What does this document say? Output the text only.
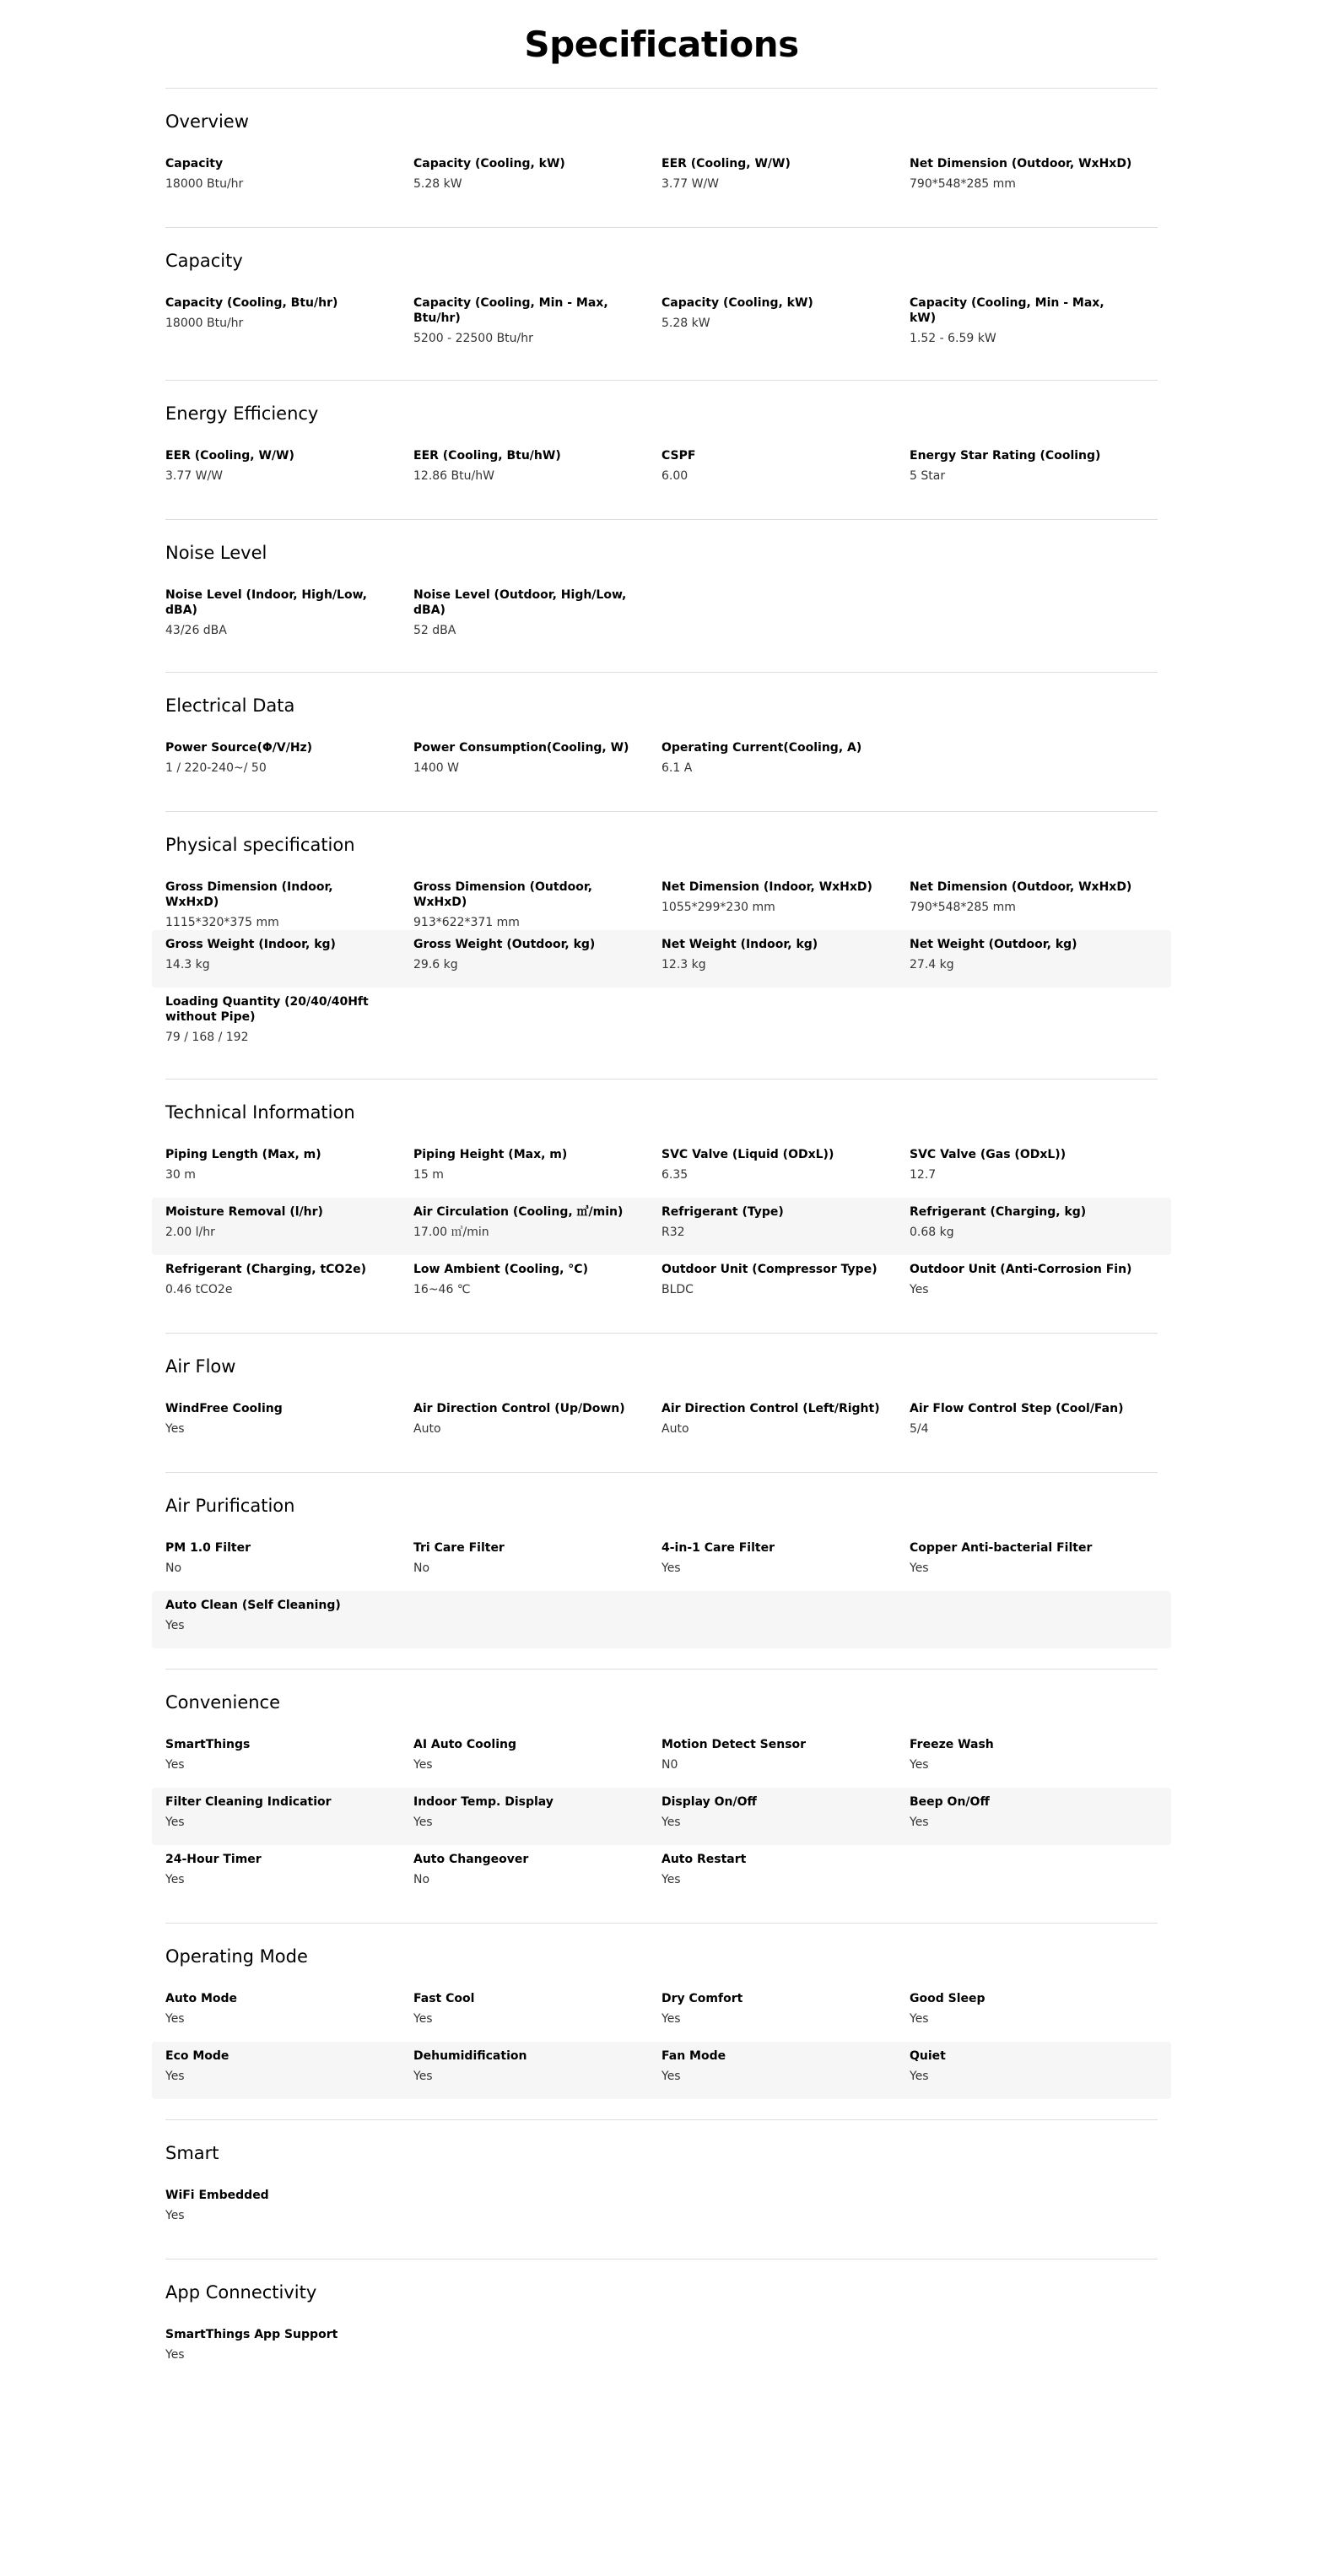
Specifications
Overview
Capacity
18000 Btu/hr
Capacity (Cooling, kW)
5.28 kW
EER (Cooling, W/W)
3.77 W/W
Net Dimension (Outdoor, WxHxD)
790*548*285 mm
Capacity
Capacity (Cooling, Btu/hr)
18000 Btu/hr
Capacity (Cooling, Min - Max, Btu/hr)
5200 - 22500 Btu/hr
Capacity (Cooling, kW)
5.28 kW
Capacity (Cooling, Min - Max, kW)
1.52 - 6.59 kW
Energy Efficiency
EER (Cooling, W/W)
3.77 W/W
EER (Cooling, Btu/hW)
12.86 Btu/hW
CSPF
6.00
Energy Star Rating (Cooling)
5 Star
Noise Level
Noise Level (Indoor, High/Low, dBA)
43/26 dBA
Noise Level (Outdoor, High/Low, dBA)
52 dBA
Electrical Data
Power Source(Φ/V/Hz)
1 / 220-240~/ 50
Power Consumption(Cooling, W)
1400 W
Operating Current(Cooling, A)
6.1 A
Physical specification
Gross Dimension (Indoor, WxHxD)
1115*320*375 mm
Gross Dimension (Outdoor, WxHxD)
913*622*371 mm
Net Dimension (Indoor, WxHxD)
1055*299*230 mm
Net Dimension (Outdoor, WxHxD)
790*548*285 mm
Gross Weight (Indoor, kg)
14.3 kg
Gross Weight (Outdoor, kg)
29.6 kg
Net Weight (Indoor, kg)
12.3 kg
Net Weight (Outdoor, kg)
27.4 kg
Loading Quantity (20/40/40Hft without Pipe)
79 / 168 / 192
Technical Information
Piping Length (Max, m)
30 m
Piping Height (Max, m)
15 m
SVC Valve (Liquid (ODxL))
6.35
SVC Valve (Gas (ODxL))
12.7
Moisture Removal (l/hr)
2.00 l/hr
Air Circulation (Cooling, ㎥/min)
17.00 ㎥/min
Refrigerant (Type)
R32
Refrigerant (Charging, kg)
0.68 kg
Refrigerant (Charging, tCO2e)
0.46 tCO2e
Low Ambient (Cooling, °C)
16~46 ℃
Outdoor Unit (Compressor Type)
BLDC
Outdoor Unit (Anti-Corrosion Fin)
Yes
Air Flow
WindFree Cooling
Yes
Air Direction Control (Up/Down)
Auto
Air Direction Control (Left/Right)
Auto
Air Flow Control Step (Cool/Fan)
5/4
Air Purification
PM 1.0 Filter
No
Tri Care Filter
No
4-in-1 Care Filter
Yes
Copper Anti-bacterial Filter
Yes
Auto Clean (Self Cleaning)
Yes
Convenience
SmartThings
Yes
AI Auto Cooling
Yes
Motion Detect Sensor
N0
Freeze Wash
Yes
Filter Cleaning Indicatior
Yes
Indoor Temp. Display
Yes
Display On/Off
Yes
Beep On/Off
Yes
24-Hour Timer
Yes
Auto Changeover
No
Auto Restart
Yes
Operating Mode
Auto Mode
Yes
Fast Cool
Yes
Dry Comfort
Yes
Good Sleep
Yes
Eco Mode
Yes
Dehumidification
Yes
Fan Mode
Yes
Quiet
Yes
Smart
WiFi Embedded
Yes
App Connectivity
SmartThings App Support
Yes
